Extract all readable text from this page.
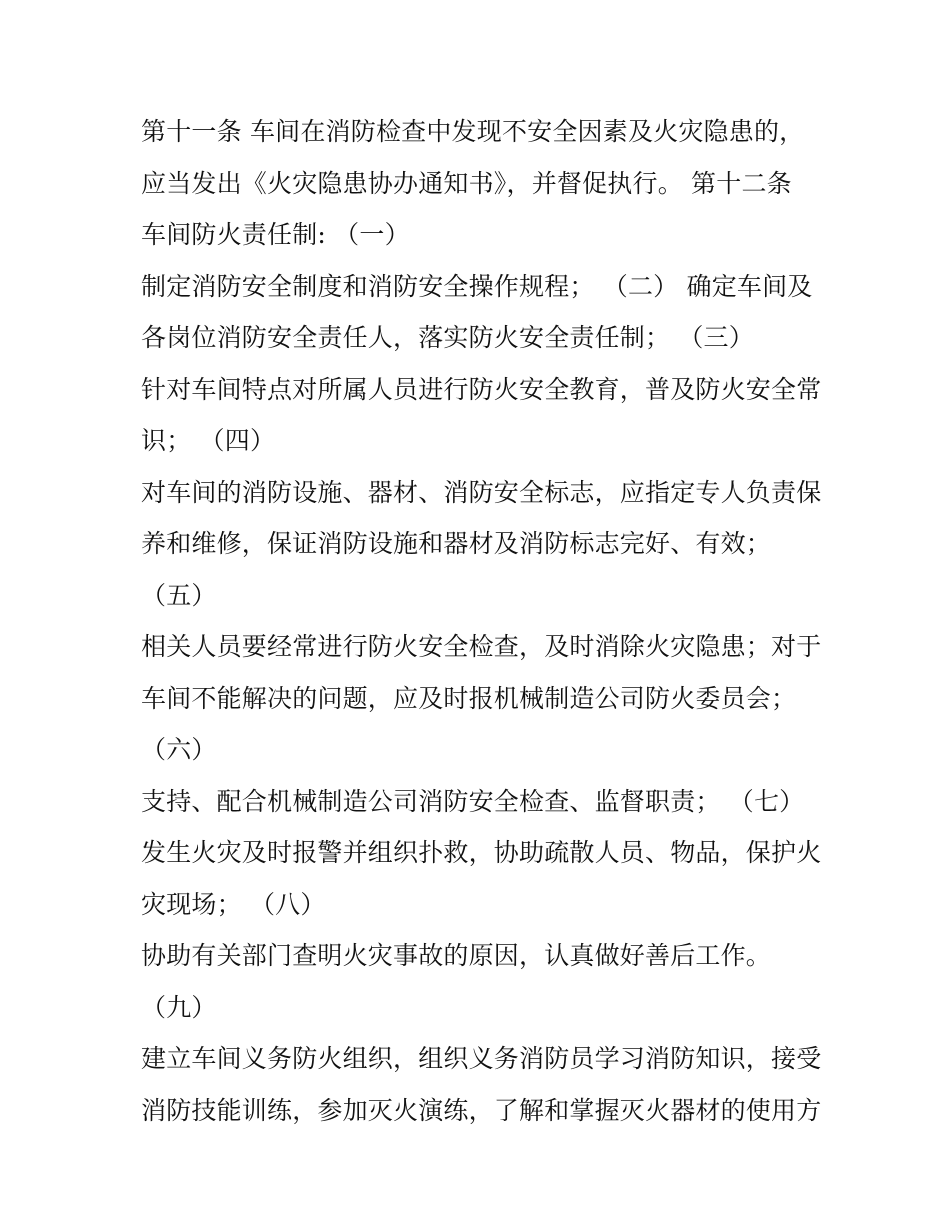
第十一条 车间在消防检查中发现不安全因素及火灾隐患的，
应当发出《火灾隐患协办通知书》，并督促执行。 第十二条
车间防火责任制: （一）
制定消防安全制度和消防安全操作规程； （二） 确定车间及
各岗位消防安全责任人，落实防火安全责任制； （三）
针对车间特点对所属人员进行防火安全教育，普及防火安全常
识； （四）
对车间的消防设施、器材、消防安全标志，应指定专人负责保
养和维修，保证消防设施和器材及消防标志完好、有效；
（五）
相关人员要经常进行防火安全检查，及时消除火灾隐患；对于
车间不能解决的问题，应及时报机械制造公司防火委员会；
（六）
支持、配合机械制造公司消防安全检查、监督职责； （七）
发生火灾及时报警并组织扑救，协助疏散人员、物品，保护火
灾现场； （八）
协助有关部门查明火灾事故的原因，认真做好善后工作。
（九）
建立车间义务防火组织，组织义务消防员学习消防知识，接受
消防技能训练，参加灭火演练，了解和掌握灭火器材的使用方
